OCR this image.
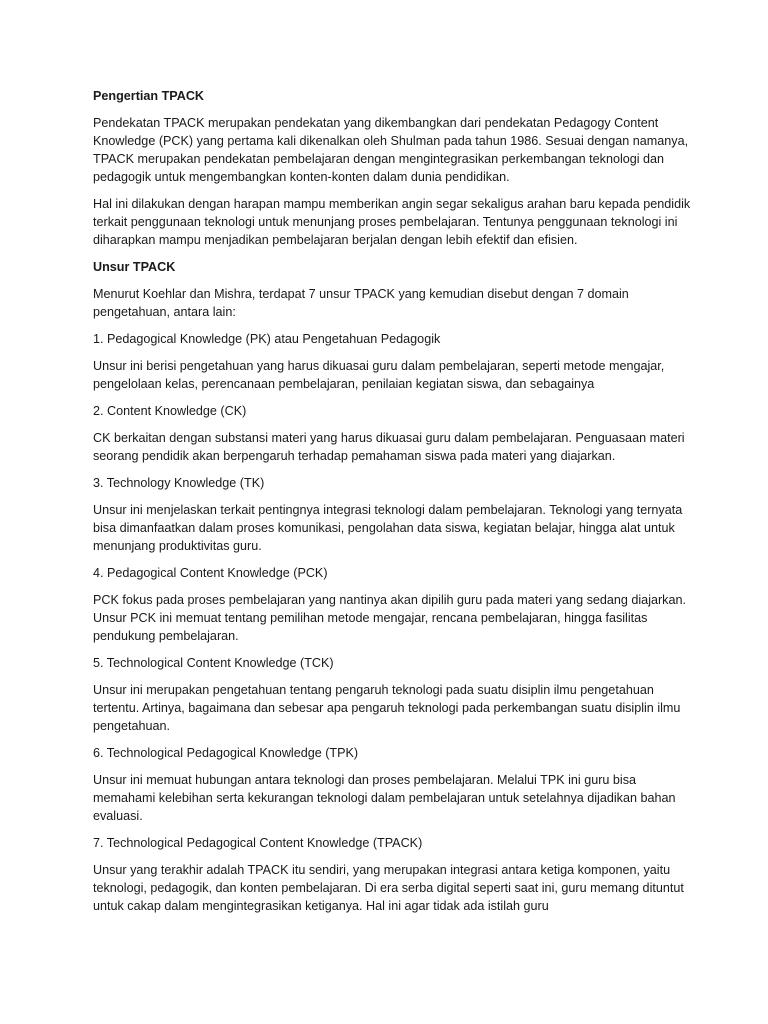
Pengertian TPACK

Pendekatan TPACK merupakan pendekatan yang dikembangkan dari pendekatan Pedagogy Content Knowledge (PCK) yang pertama kali dikenalkan oleh Shulman pada tahun 1986. Sesuai dengan namanya, TPACK merupakan pendekatan pembelajaran dengan mengintegrasikan perkembangan teknologi dan pedagogik untuk mengembangkan konten-konten dalam dunia pendidikan.

Hal ini dilakukan dengan harapan mampu memberikan angin segar sekaligus arahan baru kepada pendidik terkait penggunaan teknologi untuk menunjang proses pembelajaran. Tentunya penggunaan teknologi ini diharapkan mampu menjadikan pembelajaran berjalan dengan lebih efektif dan efisien.

Unsur TPACK

Menurut Koehlar dan Mishra, terdapat 7 unsur TPACK yang kemudian disebut dengan 7 domain pengetahuan, antara lain:

1. Pedagogical Knowledge (PK) atau Pengetahuan Pedagogik

Unsur ini berisi pengetahuan yang harus dikuasai guru dalam pembelajaran, seperti metode mengajar, pengelolaan kelas, perencanaan pembelajaran, penilaian kegiatan siswa, dan sebagainya

2. Content Knowledge (CK)

CK berkaitan dengan substansi materi yang harus dikuasai guru dalam pembelajaran. Penguasaan materi seorang pendidik akan berpengaruh terhadap pemahaman siswa pada materi yang diajarkan.

3. Technology Knowledge (TK)

Unsur ini menjelaskan terkait pentingnya integrasi teknologi dalam pembelajaran. Teknologi yang ternyata bisa dimanfaatkan dalam proses komunikasi, pengolahan data siswa, kegiatan belajar, hingga alat untuk menunjang produktivitas guru.

4. Pedagogical Content Knowledge (PCK)

PCK fokus pada proses pembelajaran yang nantinya akan dipilih guru pada materi yang sedang diajarkan. Unsur PCK ini memuat tentang pemilihan metode mengajar, rencana pembelajaran, hingga fasilitas pendukung pembelajaran.

5. Technological Content Knowledge (TCK)

Unsur ini merupakan pengetahuan tentang pengaruh teknologi pada suatu disiplin ilmu pengetahuan tertentu. Artinya, bagaimana dan sebesar apa pengaruh teknologi pada perkembangan suatu disiplin ilmu pengetahuan.

6. Technological Pedagogical Knowledge (TPK)

Unsur ini memuat hubungan antara teknologi dan proses pembelajaran. Melalui TPK ini guru bisa memahami kelebihan serta kekurangan teknologi dalam pembelajaran untuk setelahnya dijadikan bahan evaluasi.

7. Technological Pedagogical Content Knowledge (TPACK)

Unsur yang terakhir adalah TPACK itu sendiri, yang merupakan integrasi antara ketiga komponen, yaitu teknologi, pedagogik, dan konten pembelajaran. Di era serba digital seperti saat ini, guru memang dituntut untuk cakap dalam mengintegrasikan ketiganya. Hal ini agar tidak ada istilah guru
